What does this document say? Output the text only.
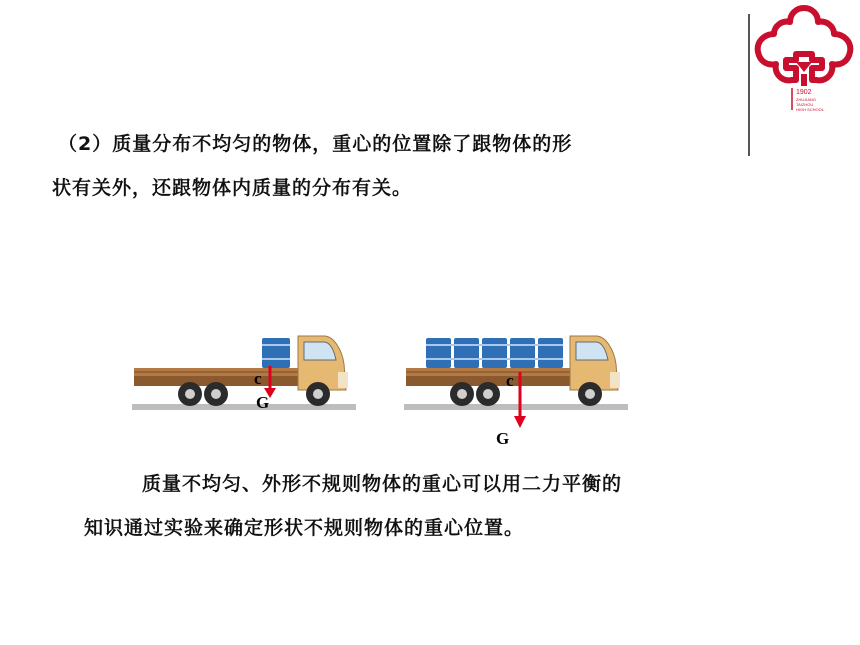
1902
ZHUJIANG
TAIZHOU
HIGH SCHOOL
（2）质量分布不均匀的物体，重心的位置除了跟物体的形
状有关外，还跟物体内质量的分布有关。
c
G
c
G
质量不均匀、外形不规则物体的重心可以用二力平衡的
知识通过实验来确定形状不规则物体的重心位置。
